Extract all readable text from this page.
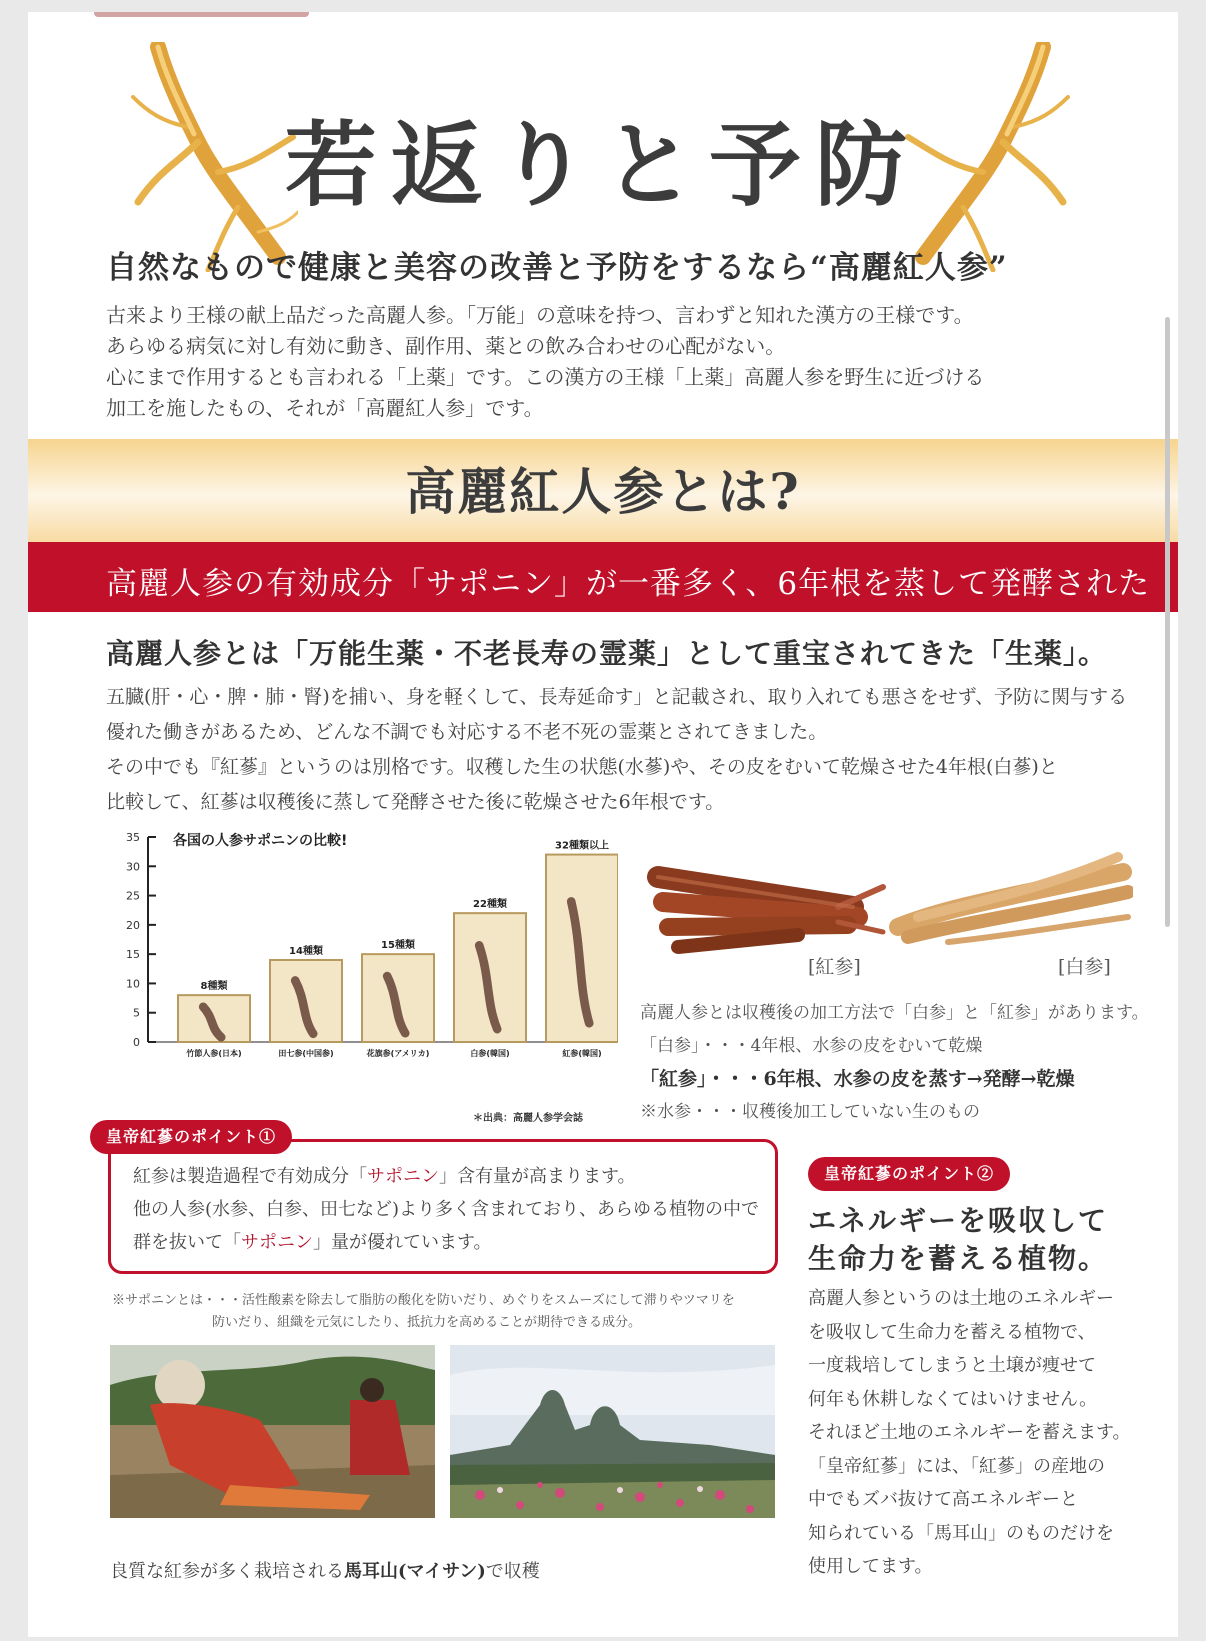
若返りと予防
自然なもので健康と美容の改善と予防をするなら“高麗紅人参”
古来より王様の献上品だった高麗人参。「万能」の意味を持つ、言わずと知れた漢方の王様です。
あらゆる病気に対し有効に動き、副作用、薬との飲み合わせの心配がない。
心にまで作用するとも言われる「上薬」です。この漢方の王様「上薬」高麗人参を野生に近づける
加工を施したもの、それが「高麗紅人参」です。
高麗紅人参とは?
高麗人参の有効成分「サポニン」が一番多く、6年根を蒸して発酵されたもの
高麗人参とは「万能生薬・不老長寿の霊薬」として重宝されてきた「生薬」。
五臓(肝・心・脾・肺・腎)を捕い、身を軽くして、長寿延命す」と記載され、取り入れても悪さをせず、予防に関与する
優れた働きがあるため、どんな不調でも対応する不老不死の霊薬とされてきました。
その中でも『紅蔘』というのは別格です。収穫した生の状態(水蔘)や、その皮をむいて乾燥させた4年根(白蔘)と
比較して、紅蔘は収穫後に蒸して発酵させた後に乾燥させた6年根です。
0
5
10
15
20
25
30
35 各国の人参サポニンの比較!
8種類
竹節人参(日本)
14種類
田七参(中国参)
15種類
花旗参(アメリカ)
22種類
白参(韓国)
32種類以上
紅参(韓国)
＊出典：高麗人参学会誌
[紅参]	[白参]
高麗人参とは収穫後の加工方法で「白参」と「紅参」があります。
「白参」・・・4年根、水参の皮をむいて乾燥
「紅参」・・・6年根、水参の皮を蒸す→発酵→乾燥
※水参・・・収穫後加工していない生のもの
皇帝紅蔘のポイント①
紅参は製造過程で有効成分「サポニン」含有量が高まります。
他の人参(水参、白参、田七など)より多く含まれており、あらゆる植物の中で
群を抜いて「サポニン」量が優れています。
※サポニンとは・・・活性酸素を除去して脂肪の酸化を防いだり、めぐりをスムーズにして滞りやツマリを
防いだり、組織を元気にしたり、抵抗力を高めることが期待できる成分。
皇帝紅蔘のポイント②
エネルギーを吸収して
生命力を蓄える植物。
高麗人参というのは土地のエネルギー
を吸収して生命力を蓄える植物で、
一度栽培してしまうと土壌が痩せて
何年も休耕しなくてはいけません。
それほど土地のエネルギーを蓄えます。
「皇帝紅蔘」には、「紅蔘」の産地の
中でもズバ抜けて高エネルギーと
知られている「馬耳山」のものだけを
使用してます。
良質な紅参が多く栽培される馬耳山(マイサン)で収穫
